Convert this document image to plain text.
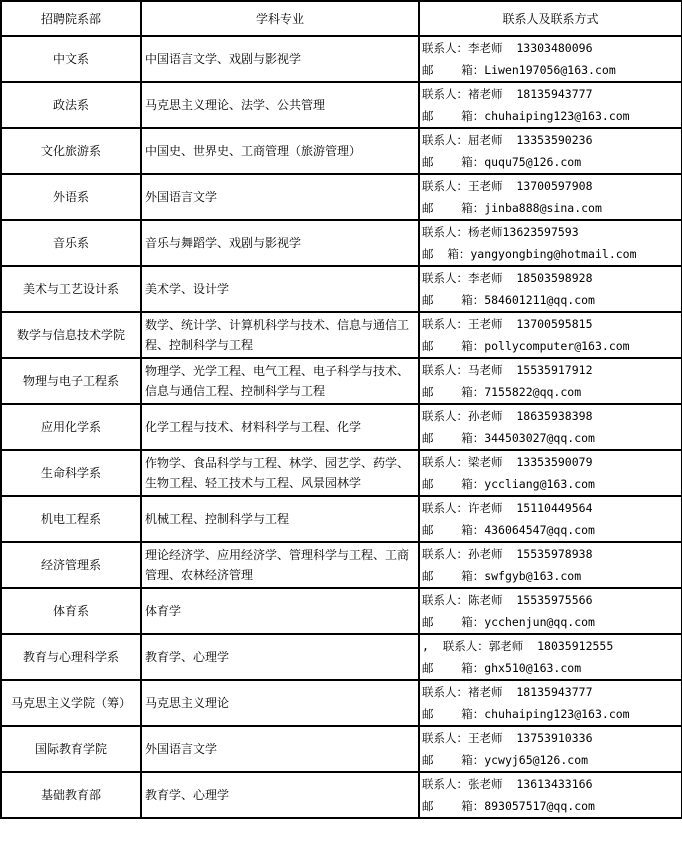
招聘院系部	学科专业	联系人及联系方式
中文系	中国语言文学、戏剧与影视学	联系人：李老师  13303480096
邮    箱：Liwen197056@163.com

政法系	马克思主义理论、法学、公共管理	联系人：褚老师  18135943777
邮    箱：chuhaiping123@163.com

文化旅游系	中国史、世界史、工商管理（旅游管理）	联系人：屈老师  13353590236
邮    箱：ququ75@126.com

外语系	外国语言文学	联系人：王老师  13700597908
邮    箱：jinba888@sina.com

音乐系	音乐与舞蹈学、戏剧与影视学	联系人：杨老师13623597593
邮  箱：yangyongbing@hotmail.com

美术与工艺设计系	美术学、设计学	联系人：李老师  18503598928
邮    箱：584601211@qq.com

数学与信息技术学院	数学、统计学、计算机科学与技术、信息与通信工程、控制科学与工程	联系人：王老师  13700595815
邮    箱：pollycomputer@163.com

物理与电子工程系	物理学、光学工程、电气工程、电子科学与技术、信息与通信工程、控制科学与工程	联系人：马老师  15535917912
邮    箱：7155822@qq.com

应用化学系	化学工程与技术、材料科学与工程、化学	联系人：孙老师  18635938398
邮    箱：344503027@qq.com

生命科学系	作物学、食品科学与工程、林学、园艺学、药学、生物工程、轻工技术与工程、风景园林学	联系人：梁老师  13353590079
邮    箱：yccliang@163.com

机电工程系	机械工程、控制科学与工程	联系人：许老师  15110449564
邮    箱：436064547@qq.com

经济管理系	理论经济学、应用经济学、管理科学与工程、工商管理、农林经济管理	联系人：孙老师  15535978938
邮    箱：swfgyb@163.com

体育系	体育学	联系人：陈老师  15535975566
邮    箱：ycchenjun@qq.com

教育与心理科学系	教育学、心理学	,  联系人：郭老师  18035912555
邮    箱：ghx510@163.com

马克思主义学院（筹）	马克思主义理论	联系人：褚老师  18135943777
邮    箱：chuhaiping123@163.com

国际教育学院	外国语言文学	联系人：王老师  13753910336
邮    箱：ycwyj65@126.com

基础教育部	教育学、心理学	联系人：张老师  13613433166
邮    箱：893057517@qq.com
